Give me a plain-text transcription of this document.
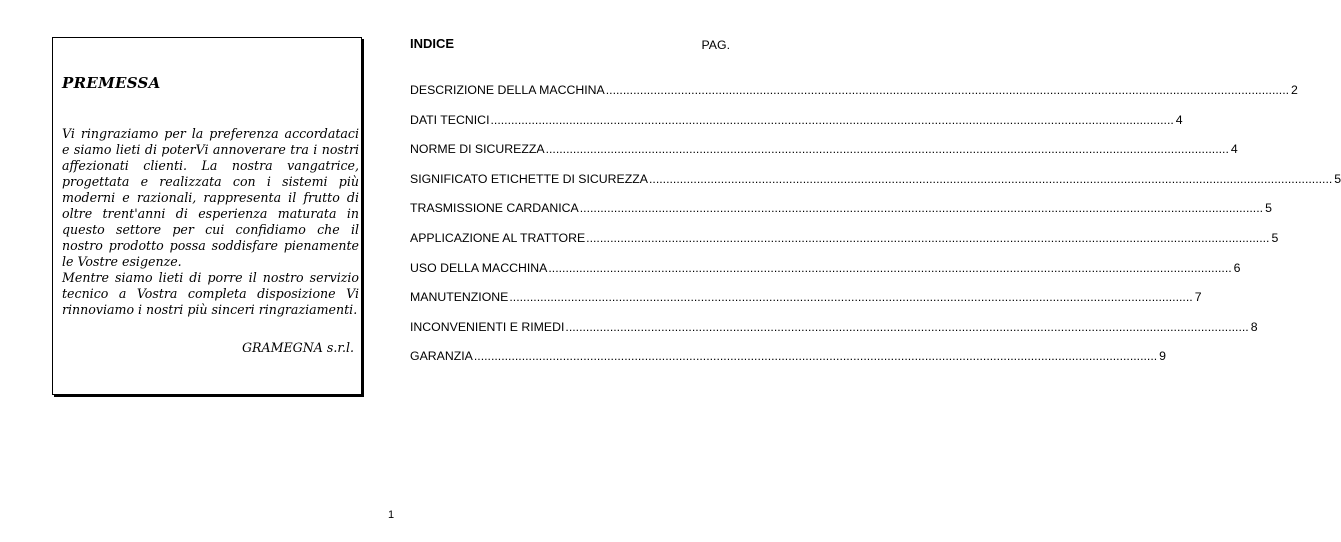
PREMESSA

Vi ringraziamo per la preferenza accordataci e siamo lieti di poterVi annoverare tra i nostri affezionati clienti. La nostra vangatrice, progettata e realizzata con i sistemi più moderni e razionali, rappresenta il frutto di oltre trent'anni di esperienza maturata in questo settore per cui confidiamo che il nostro prodotto possa soddisfare pienamente le Vostre esigenze.

Mentre siamo lieti di porre il nostro servizio tecnico a Vostra completa disposizione Vi rinnoviamo i nostri più sinceri ringraziamenti.

GRAMEGNA s.r.l.
INDICE	PAG.
DESCRIZIONE DELLA MACCHINA ........................................................................................................................................................................................................ 2
DATI TECNICI ........................................................................................................................................................................................................ 4
NORME DI SICUREZZA ........................................................................................................................................................................................................ 4
SIGNIFICATO ETICHETTE DI SICUREZZA ........................................................................................................................................................................................................ 5
TRASMISSIONE CARDANICA ........................................................................................................................................................................................................ 5
APPLICAZIONE AL TRATTORE ........................................................................................................................................................................................................ 5
USO DELLA MACCHINA ........................................................................................................................................................................................................ 6
MANUTENZIONE ........................................................................................................................................................................................................ 7
INCONVENIENTI E RIMEDI ........................................................................................................................................................................................................ 8
GARANZIA ........................................................................................................................................................................................................ 9
1
